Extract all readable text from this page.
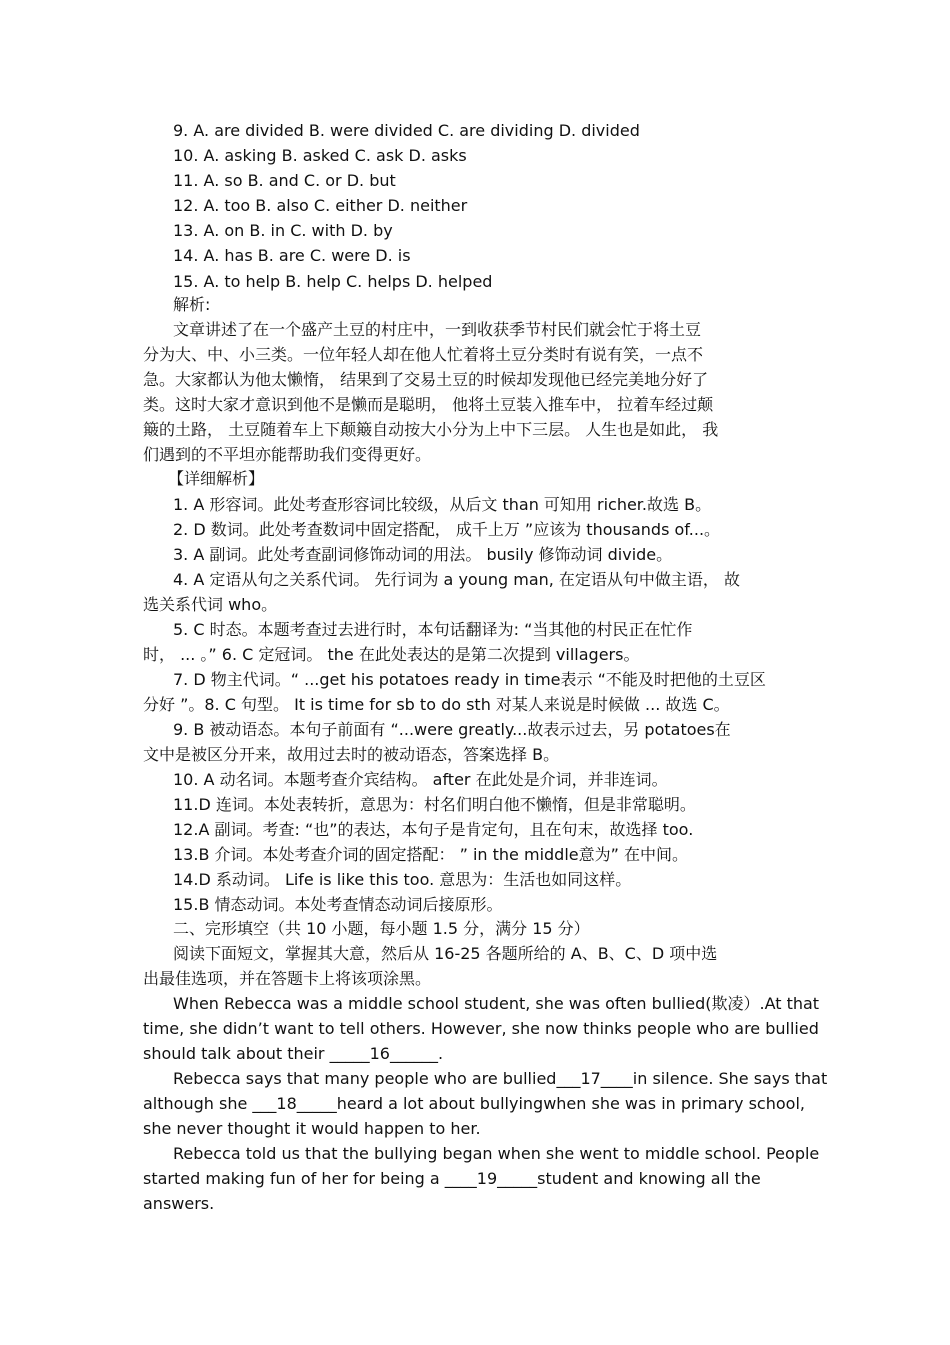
9. A. are divided B. were divided C. are dividing D. divided
10. A. asking B. asked C. ask D. asks
11. A. so B. and C. or D. but
12. A. too B. also C. either D. neither
13. A. on B. in C. with D. by
14. A. has B. are C. were D. is
15. A. to help B. help C. helps D. helped
解析:
文章讲述了在一个盛产土豆的村庄中，一到收获季节村民们就会忙于将土豆
分为大、中、小三类。一位年轻人却在他人忙着将土豆分类时有说有笑，一点不
急。大家都认为他太懒惰， 结果到了交易土豆的时候却发现他已经完美地分好了
类。这时大家才意识到他不是懒而是聪明， 他将土豆装入推车中， 拉着车经过颠
簸的土路， 土豆随着车上下颠簸自动按大小分为上中下三层。 人生也是如此， 我
们遇到的不平坦亦能帮助我们变得更好。
【详细解析】
1. A 形容词。此处考查形容词比较级，从后文 than 可知用 richer.故选 B。
2. D 数词。此处考查数词中固定搭配， 成千上万 ”应该为 thousands of...。
3. A 副词。此处考查副词修饰动词的用法。 busily 修饰动词 divide。
4. A 定语从句之关系代词。 先行词为 a young man, 在定语从句中做主语， 故
选关系代词 who。
5. C 时态。本题考查过去进行时，本句话翻译为: “当其他的村民正在忙作
时， ... 。” 6. C 定冠词。 the 在此处表达的是第二次提到 villagers。
7. D 物主代词。“ ...get his potatoes ready in time表示 “不能及时把他的土豆区
分好 ”。8. C 句型。 It is time for sb to do sth 对某人来说是时候做 ... 故选 C。
9. B 被动语态。本句子前面有 “...were greatly...故表示过去，另 potatoes在
文中是被区分开来，故用过去时的被动语态，答案选择 B。
10. A 动名词。本题考查介宾结构。 after 在此处是介词，并非连词。
11.D 连词。本处表转折，意思为：村名们明白他不懒惰，但是非常聪明。
12.A 副词。考查: “也”的表达，本句子是肯定句，且在句末，故选择 too.
13.B 介词。本处考查介词的固定搭配： ” in the middle意为” 在中间。
14.D 系动词。 Life is like this too. 意思为：生活也如同这样。
15.B 情态动词。本处考查情态动词后接原形。
二、完形填空（共 10 小题，每小题 1.5 分，满分 15 分）
阅读下面短文，掌握其大意，然后从 16-25 各题所给的 A、B、C、D 项中选
出最佳选项，并在答题卡上将该项涂黑。
When Rebecca was a middle school student, she was often bullied(欺凌）.At that
time, she didn’t want to tell others. However, she now thinks people who are bullied
should talk about their _____16______.
Rebecca says that many people who are bullied___17____in silence. She says that
although she ___18_____heard a lot about bullyingwhen she was in primary school,
she never thought it would happen to her.
Rebecca told us that the bullying began when she went to middle school. People
started making fun of her for being a ____19_____student and knowing all the
answers.
